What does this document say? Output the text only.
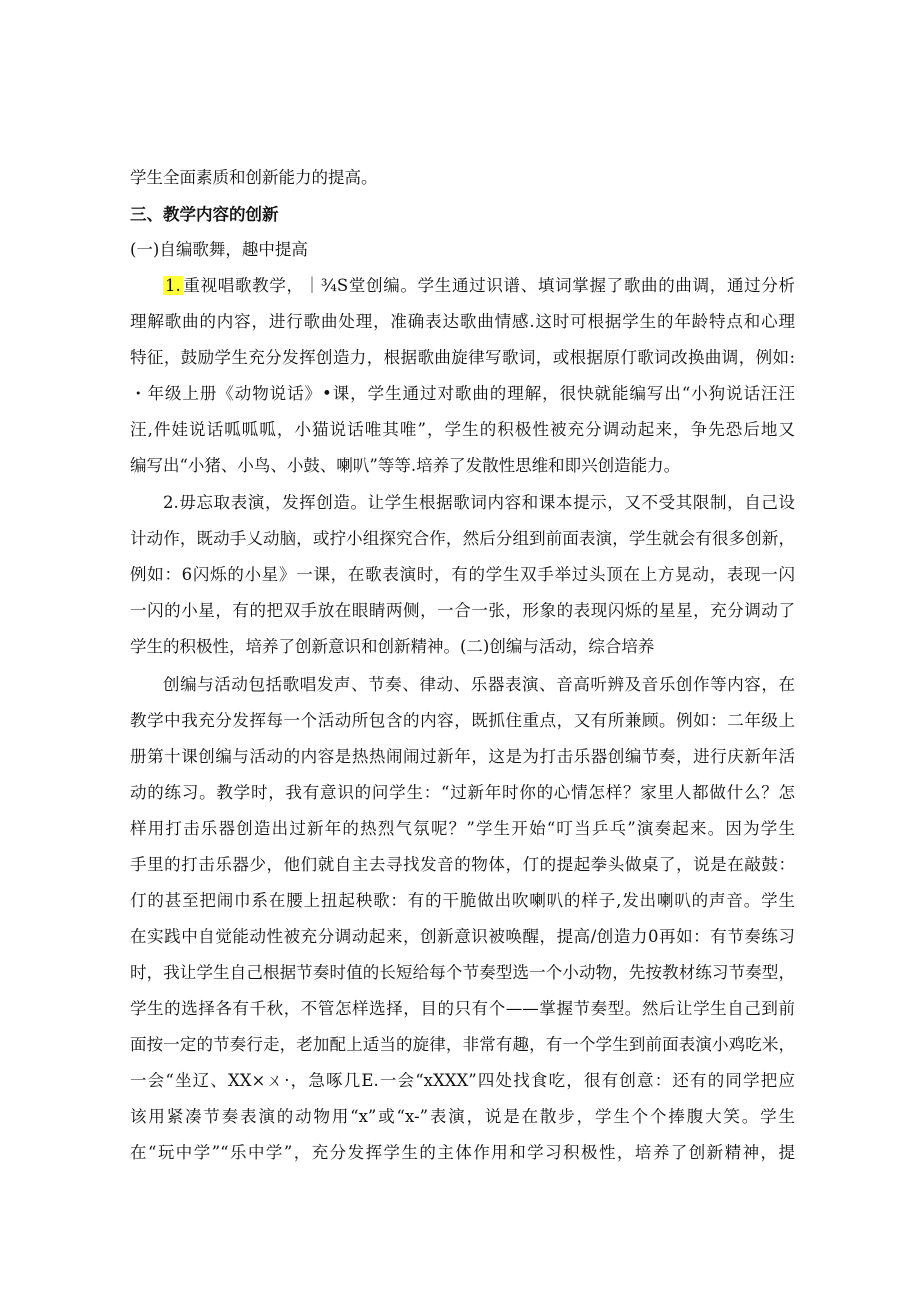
学生全面素质和创新能力的提高。
三、教学内容的创新
(一)自编歌舞，趣中提高
1. 重视唱歌教学，｜¾S堂创编。学生通过识谱、填词掌握了歌曲的曲调，通过分析
理解歌曲的内容，进行歌曲处理，准确表达歌曲情感.这时可根据学生的年龄特点和心理
特征，鼓励学生充分发挥创造力，根据歌曲旋律写歌词，或根据原仃歌词改换曲调，例如:
・年级上册《动物说话》•课，学生通过对歌曲的理解，很快就能编写出“小狗说话汪汪
汪,件娃说话呱呱呱，小猫说话唯其唯”，学生的积极性被充分调动起来，争先恐后地又
编写出“小猪、小鸟、小鼓、喇叭”等等.培养了发散性思维和即兴创造能力。
2.毋忘取表演，发挥创造。让学生根据歌词内容和课本提示，又不受其限制，自己设
计动作，既动手乂动脑，或拧小组探究合作，然后分组到前面表演，学生就会有很多创新，
例如：6闪烁的小星》一课，在歌表演时，有的学生双手举过头顶在上方晃动，表现一闪
一闪的小星，有的把双手放在眼睛两侧，一合一张，形象的表现闪烁的星星，充分调动了
学生的积极性，培养了创新意识和创新精神。(二)创编与活动，综合培养
创编与活动包括歌唱发声、节奏、律动、乐器表演、音高听辨及音乐创作等内容，在
教学中我充分发挥每一个活动所包含的内容，既抓住重点，又有所兼顾。例如：二年级上
册第十课创编与活动的内容是热热闹闹过新年，这是为打击乐器创编节奏，进行庆新年活
动的练习。教学时，我有意识的问学生：“过新年时你的心情怎样？家里人都做什么？怎
样用打击乐器创造出过新年的热烈气氛呢？”学生开始“叮当乒乓”演奏起来。因为学生
手里的打击乐器少，他们就自主去寻找发音的物体，仃的提起拳头做桌了，说是在敲鼓：
仃的甚至把闹巾系在腰上扭起秧歌：有的干脆做出吹喇叭的样子,发出喇叭的声音。学生
在实践中自觉能动性被充分调动起来，创新意识被唤醒，提高/创造力0再如：有节奏练习
时，我让学生自己根据节奏时值的长短给每个节奏型选一个小动物，先按教材练习节奏型，
学生的选择各有千秋，不管怎样选择，目的只有个——掌握节奏型。然后让学生自己到前
面按一定的节奏行走，老加配上适当的旋律，非常有趣，有一个学生到前面表演小鸡吃米，
一会“坐辽、XX×ㄨ·，急啄几E.一会“xXXX”四处找食吃，很有创意：还有的同学把应
该用紧凑节奏表演的动物用“x”或“x-”表演，说是在散步，学生个个捧腹大笑。学生
在“玩中学”“乐中学”，充分发挥学生的主体作用和学习积极性，培养了创新精神，提
